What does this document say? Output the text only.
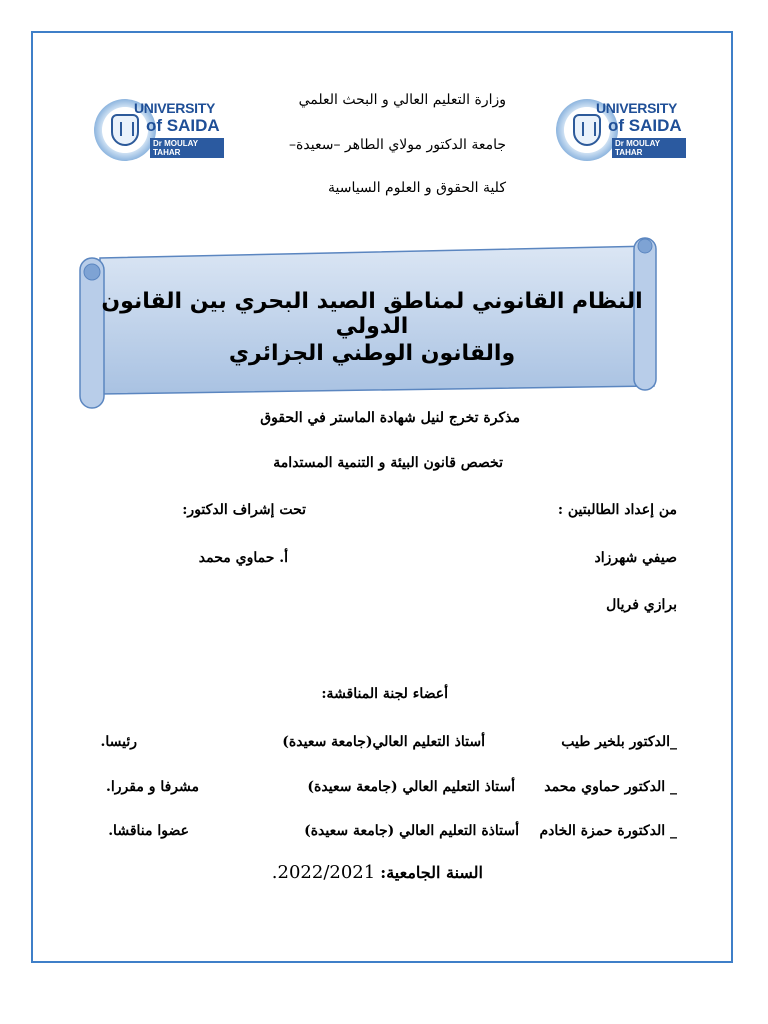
UNIVERSITY
of SAIDA
Dr MOULAY TAHAR
UNIVERSITY
of SAIDA
Dr MOULAY TAHAR
وزارة التعليم العالي و البحث العلمي
جامعة الدكتور مولاي الطاهر –سعيدة–
كلية الحقوق و العلوم السياسية
النظام القانوني لمناطق الصيد البحري بين القانون الدولي
والقانون الوطني الجزائري
مذكرة تخرج لنيل شهادة الماستر في الحقوق
تخصص قانون البيئة و التنمية المستدامة
من إعداد الطالبتين :
تحت إشراف الدكتور:
صيفي شهرزاد
أ. حماوي محمد
برازي فريال
أعضاء لجنة المناقشة:
_الدكتور بلخير طيب
أستاذ التعليم العالي(جامعة سعيدة)
رئيسا.
_ الدكتور حماوي محمد
أستاذ التعليم العالي (جامعة سعيدة)
مشرفا و مقررا.
_ الدكتورة حمزة الخادم
أستاذة التعليم العالي (جامعة سعيدة)
عضوا مناقشا.
السنة الجامعية: 2022/2021.
